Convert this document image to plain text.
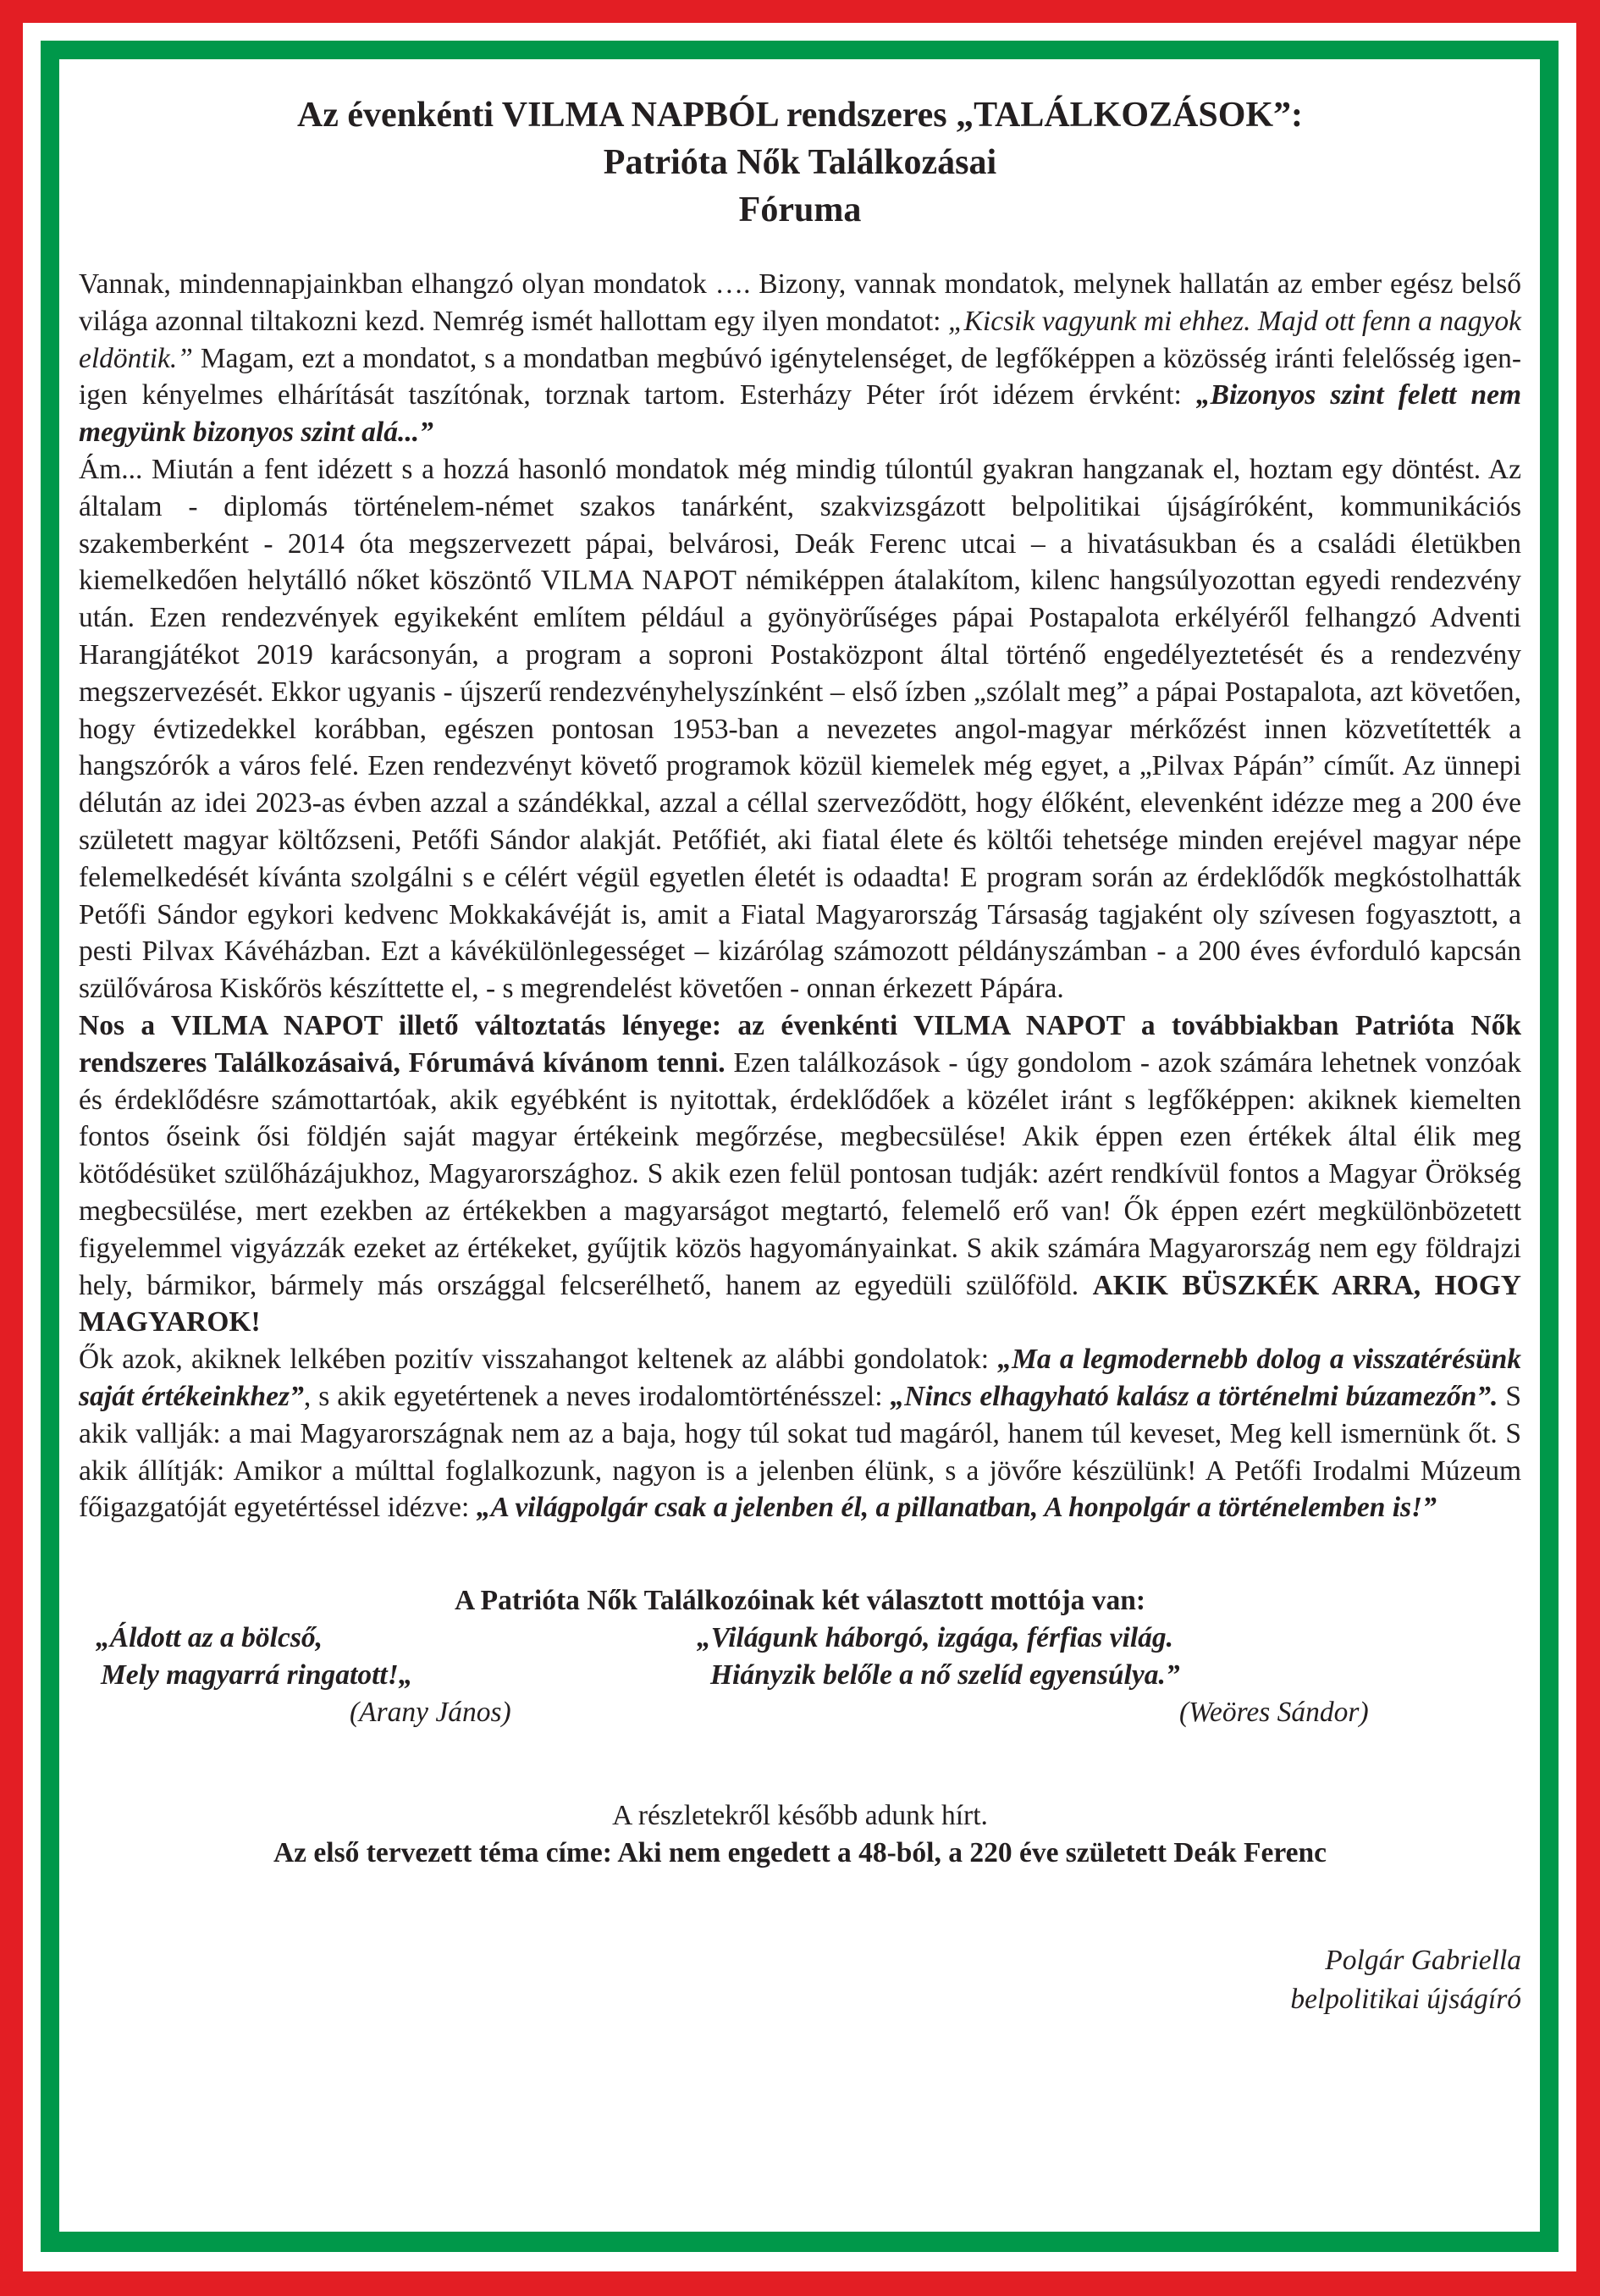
Az évenkénti VILMA NAPBÓL rendszeres „TALÁLKOZÁSOK”:
Patrióta Nők Találkozásai
Fóruma

Vannak, mindennapjainkban elhangzó olyan mondatok …. Bizony, vannak mondatok, melynek hallatán az ember egész belső világa azonnal tiltakozni kezd. Nemrég ismét hallottam egy ilyen mondatot: „Kicsik vagyunk mi ehhez. Majd ott fenn a nagyok eldöntik.” Magam, ezt a mondatot, s a mondatban megbúvó igénytelenséget, de legfőképpen a közösség iránti felelősség igen-igen kényelmes elhárítását taszítónak, torznak tartom. Esterházy Péter írót idézem érvként: „Bizonyos szint felett nem megyünk bizonyos szint alá...”

Ám... Miután a fent idézett s a hozzá hasonló mondatok még mindig túlontúl gyakran hangzanak el, hoztam egy döntést. Az általam - diplomás történelem-német szakos tanárként, szakvizsgázott belpolitikai újságíróként, kommunikációs szakemberként - 2014 óta megszervezett pápai, belvárosi, Deák Ferenc utcai – a hivatásukban és a családi életükben kiemelkedően helytálló nőket köszöntő VILMA NAPOT némiképpen átalakítom, kilenc hangsúlyozottan egyedi rendezvény után. Ezen rendezvények egyikeként említem például a gyönyörűséges pápai Postapalota erkélyéről felhangzó Adventi Harangjátékot 2019 karácsonyán, a program a soproni Postaközpont által történő engedélyeztetését és a rendezvény megszervezését. Ekkor ugyanis - újszerű rendezvényhelyszínként – első ízben „szólalt meg” a pápai Postapalota, azt követően, hogy évtizedekkel korábban, egészen pontosan 1953-ban a nevezetes angol-magyar mérkőzést innen közvetítették a hangszórók a város felé. Ezen rendezvényt követő programok közül kiemelek még egyet, a „Pilvax Pápán” címűt. Az ünnepi délután az idei 2023-as évben azzal a szándékkal, azzal a céllal szerveződött, hogy élőként, elevenként idézze meg a 200 éve született magyar költőzseni, Petőfi Sándor alakját. Petőfiét, aki fiatal élete és költői tehetsége minden erejével magyar népe felemelkedését kívánta szolgálni s e célért végül egyetlen életét is odaadta! E program során az érdeklődők megkóstolhatták Petőfi Sándor egykori kedvenc Mokkakávéját is, amit a Fiatal Magyarország Társaság tagjaként oly szívesen fogyasztott, a pesti Pilvax Kávéházban. Ezt a kávékülönlegességet – kizárólag számozott példányszámban - a 200 éves évforduló kapcsán szülővárosa Kiskőrös készíttette el, - s megrendelést követően - onnan érkezett Pápára.

Nos a VILMA NAPOT illető változtatás lényege: az évenkénti VILMA NAPOT a továbbiakban Patrióta Nők rendszeres Találkozásaivá, Fórumává kívánom tenni. Ezen találkozások - úgy gondolom - azok számára lehetnek vonzóak és érdeklődésre számottartóak, akik egyébként is nyitottak, érdeklődőek a közélet iránt s legfőképpen: akiknek kiemelten fontos őseink ősi földjén saját magyar értékeink megőrzése, megbecsülése! Akik éppen ezen értékek által élik meg kötődésüket szülőházájukhoz, Magyarországhoz. S akik ezen felül pontosan tudják: azért rendkívül fontos a Magyar Örökség megbecsülése, mert ezekben az értékekben a magyarságot megtartó, felemelő erő van! Ők éppen ezért megkülönbözetett figyelemmel vigyázzák ezeket az értékeket, gyűjtik közös hagyományainkat. S akik számára Magyarország nem egy földrajzi hely, bármikor, bármely más országgal felcserélhető, hanem az egyedüli szülőföld. AKIK BÜSZKÉK ARRA, HOGY MAGYAROK!

Ők azok, akiknek lelkében pozitív visszahangot keltenek az alábbi gondolatok: „Ma a legmodernebb dolog a visszatérésünk saját értékeinkhez”, s akik egyetértenek a neves irodalomtörténésszel: „Nincs elhagyható kalász a történelmi búzamezőn”. S akik vallják: a mai Magyarországnak nem az a baja, hogy túl sokat tud magáról, hanem túl keveset, Meg kell ismernünk őt. S akik állítják: Amikor a múlttal foglalkozunk, nagyon is a jelenben élünk, s a jövőre készülünk! A Petőfi Irodalmi Múzeum főigazgatóját egyetértéssel idézve: „A világpolgár csak a jelenben él, a pillanatban, A honpolgár a történelemben is!”

A Patrióta Nők Találkozóinak két választott mottója van:
„Áldott az a bölcső,
Mely magyarrá ringatott!„
(Arany János)
„Világunk háborgó, izgága, férfias világ.
Hiányzik belőle a nő szelíd egyensúlya.”
(Weöres Sándor)
A részletekről később adunk hírt.
Az első tervezett téma címe: Aki nem engedett a 48-ból, a 220 éve született Deák Ferenc
Polgár Gabriella
belpolitikai újságíró
